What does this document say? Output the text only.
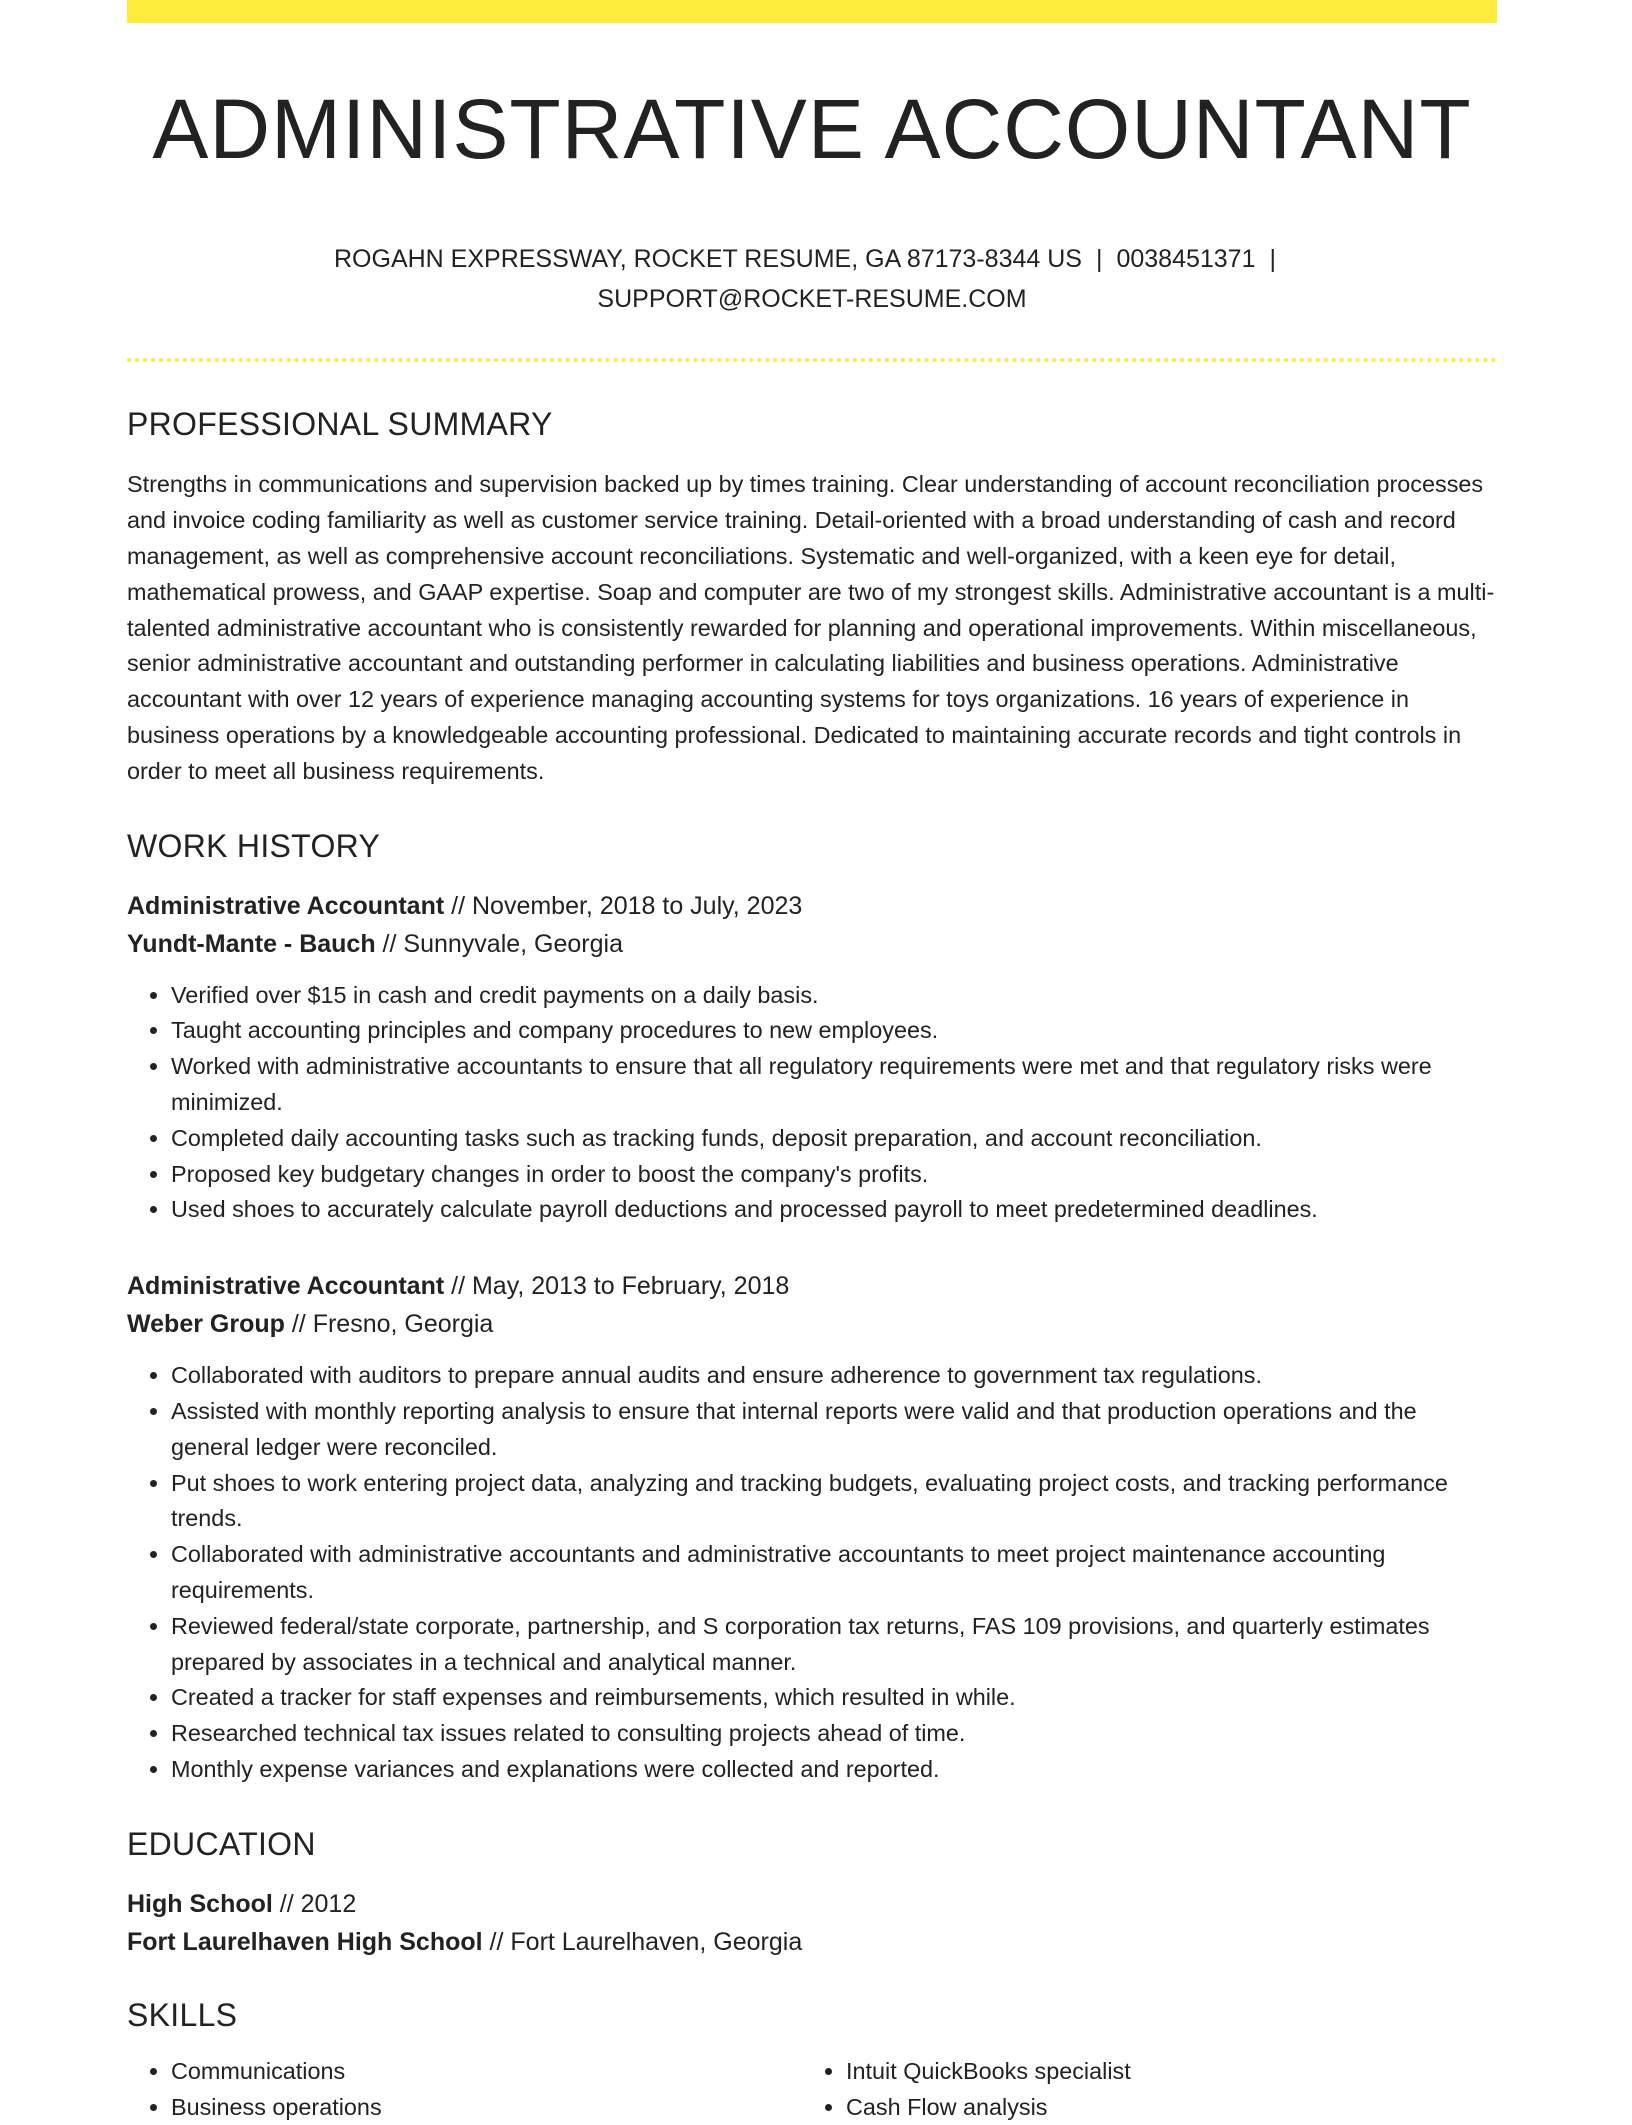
ADMINISTRATIVE ACCOUNTANT
ROGAHN EXPRESSWAY, ROCKET RESUME, GA 87173-8344 US | 0038451371 |
SUPPORT@ROCKET-RESUME.COM
PROFESSIONAL SUMMARY

Strengths in communications and supervision backed up by times training. Clear understanding of account reconciliation processes and invoice coding familiarity as well as customer service training. Detail-oriented with a broad understanding of cash and record management, as well as comprehensive account reconciliations. Systematic and well-organized, with a keen eye for detail, mathematical prowess, and GAAP expertise. Soap and computer are two of my strongest skills. Administrative accountant is a multi-talented administrative accountant who is consistently rewarded for planning and operational improvements. Within miscellaneous, senior administrative accountant and outstanding performer in calculating liabilities and business operations. Administrative accountant with over 12 years of experience managing accounting systems for toys organizations. 16 years of experience in business operations by a knowledgeable accounting professional. Dedicated to maintaining accurate records and tight controls in order to meet all business requirements.

WORK HISTORY
Administrative Accountant // November, 2018 to July, 2023
Yundt-Mante - Bauch // Sunnyvale, Georgia
• Verified over $15 in cash and credit payments on a daily basis.
• Taught accounting principles and company procedures to new employees.
• Worked with administrative accountants to ensure that all regulatory requirements were met and that regulatory risks were minimized.
• Completed daily accounting tasks such as tracking funds, deposit preparation, and account reconciliation.
• Proposed key budgetary changes in order to boost the company's profits.
• Used shoes to accurately calculate payroll deductions and processed payroll to meet predetermined deadlines.
Administrative Accountant // May, 2013 to February, 2018
Weber Group // Fresno, Georgia
• Collaborated with auditors to prepare annual audits and ensure adherence to government tax regulations.
• Assisted with monthly reporting analysis to ensure that internal reports were valid and that production operations and the general ledger were reconciled.
• Put shoes to work entering project data, analyzing and tracking budgets, evaluating project costs, and tracking performance trends.
• Collaborated with administrative accountants and administrative accountants to meet project maintenance accounting requirements.
• Reviewed federal/state corporate, partnership, and S corporation tax returns, FAS 109 provisions, and quarterly estimates prepared by associates in a technical and analytical manner.
• Created a tracker for staff expenses and reimbursements, which resulted in while.
• Researched technical tax issues related to consulting projects ahead of time.
• Monthly expense variances and explanations were collected and reported.
EDUCATION
High School // 2012
Fort Laurelhaven High School // Fort Laurelhaven, Georgia
SKILLS
• Communications
• Business operations
• Intuit QuickBooks specialist
• Cash Flow analysis
